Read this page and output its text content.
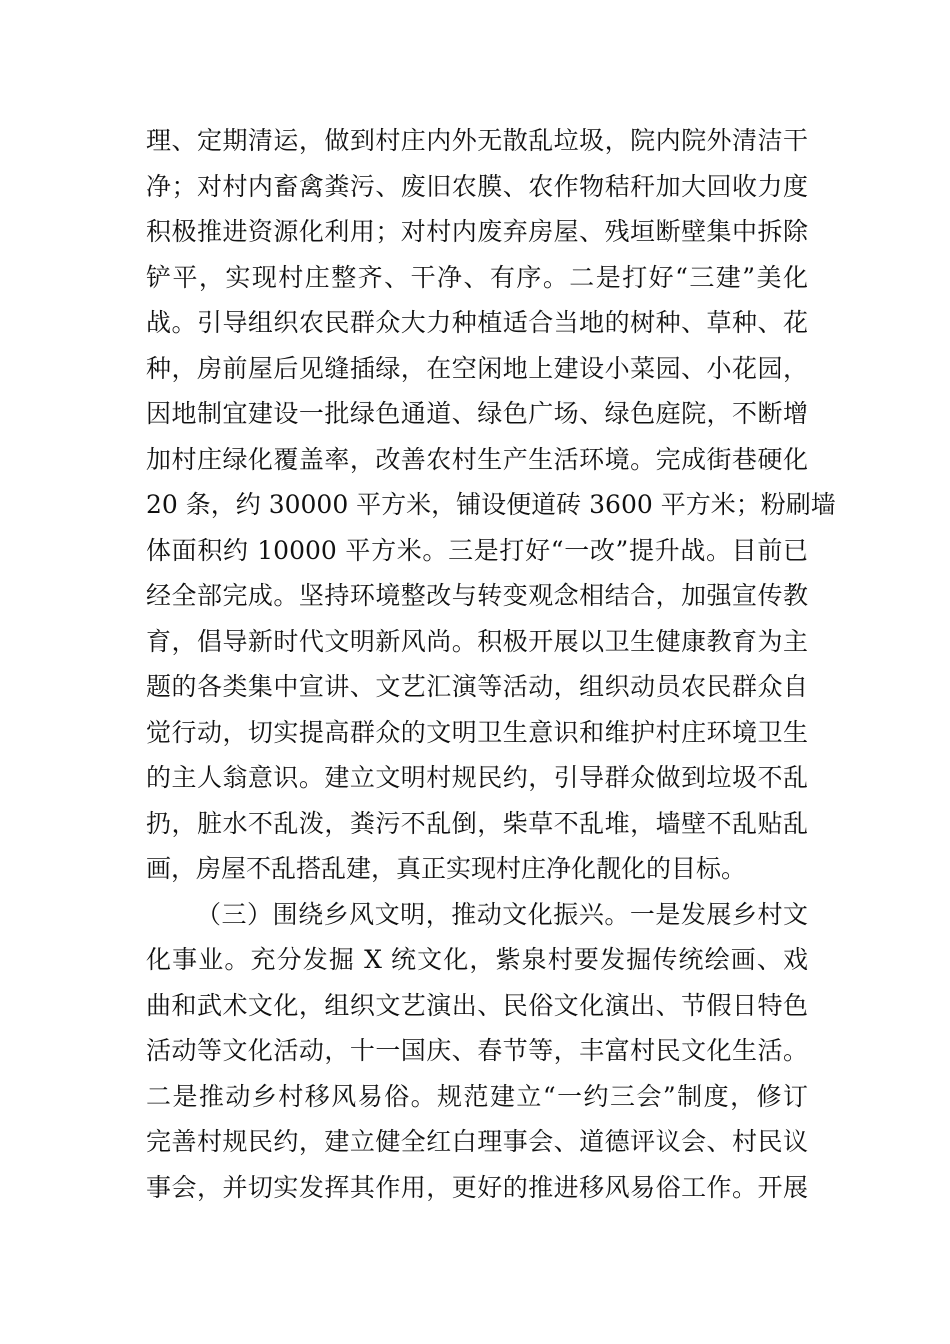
理、定期清运，做到村庄内外无散乱垃圾，院内院外清洁干
净；对村内畜禽粪污、废旧农膜、农作物秸秆加大回收力度
积极推进资源化利用；对村内废弃房屋、残垣断壁集中拆除
铲平，实现村庄整齐、干净、有序。二是打好“三建”美化
战。引导组织农民群众大力种植适合当地的树种、草种、花
种，房前屋后见缝插绿，在空闲地上建设小菜园、小花园，
因地制宜建设一批绿色通道、绿色广场、绿色庭院，不断增
加村庄绿化覆盖率，改善农村生产生活环境。完成街巷硬化
20 条，约 30000 平方米，铺设便道砖 3600 平方米；粉刷墙
体面积约 10000 平方米。三是打好“一改”提升战。目前已
经全部完成。坚持环境整改与转变观念相结合，加强宣传教
育，倡导新时代文明新风尚。积极开展以卫生健康教育为主
题的各类集中宣讲、文艺汇演等活动，组织动员农民群众自
觉行动，切实提高群众的文明卫生意识和维护村庄环境卫生
的主人翁意识。建立文明村规民约，引导群众做到垃圾不乱
扔，脏水不乱泼，粪污不乱倒，柴草不乱堆，墙壁不乱贴乱
画，房屋不乱搭乱建，真正实现村庄净化靓化的目标。
（三）围绕乡风文明，推动文化振兴。一是发展乡村文
化事业。充分发掘 X 统文化，紫泉村要发掘传统绘画、戏
曲和武术文化，组织文艺演出、民俗文化演出、节假日特色
活动等文化活动，十一国庆、春节等，丰富村民文化生活。
二是推动乡村移风易俗。规范建立“一约三会”制度，修订
完善村规民约，建立健全红白理事会、道德评议会、村民议
事会，并切实发挥其作用，更好的推进移风易俗工作。开展
